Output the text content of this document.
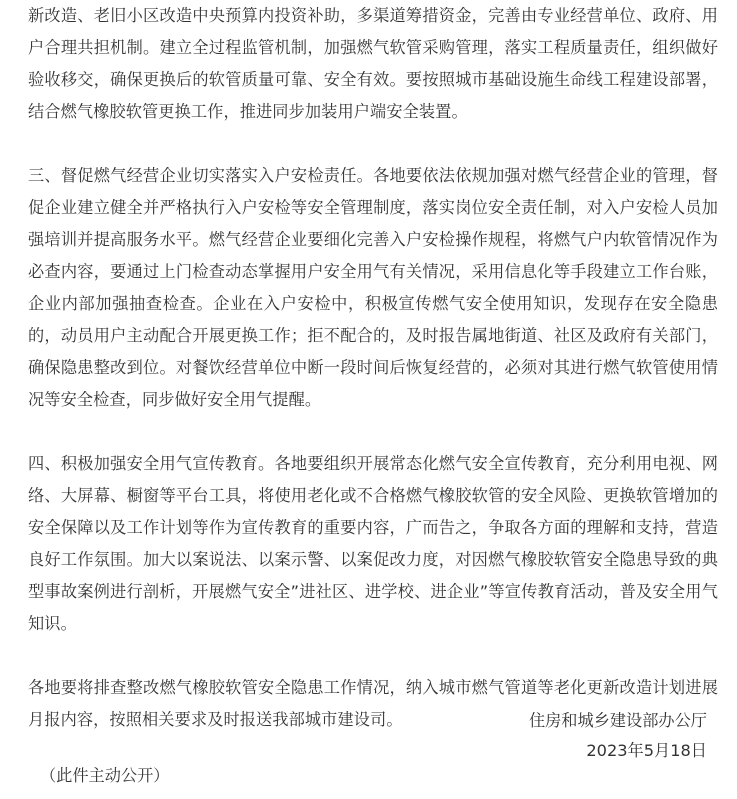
新改造、老旧小区改造中央预算内投资补助，多渠道筹措资金，完善由专业经营单位、政府、用户合理共担机制。建立全过程监管机制，加强燃气软管采购管理，落实工程质量责任，组织做好验收移交，确保更换后的软管质量可靠、安全有效。要按照城市基础设施生命线工程建设部署，结合燃气橡胶软管更换工作，推进同步加装用户端安全装置。

三、督促燃气经营企业切实落实入户安检责任。各地要依法依规加强对燃气经营企业的管理，督促企业建立健全并严格执行入户安检等安全管理制度，落实岗位安全责任制，对入户安检人员加强培训并提高服务水平。燃气经营企业要细化完善入户安检操作规程，将燃气户内软管情况作为必查内容，要通过上门检查动态掌握用户安全用气有关情况，采用信息化等手段建立工作台账，企业内部加强抽查检查。企业在入户安检中，积极宣传燃气安全使用知识，发现存在安全隐患的，动员用户主动配合开展更换工作；拒不配合的，及时报告属地街道、社区及政府有关部门，确保隐患整改到位。对餐饮经营单位中断一段时间后恢复经营的，必须对其进行燃气软管使用情况等安全检查，同步做好安全用气提醒。

四、积极加强安全用气宣传教育。各地要组织开展常态化燃气安全宣传教育，充分利用电视、网络、大屏幕、橱窗等平台工具，将使用老化或不合格燃气橡胶软管的安全风险、更换软管增加的安全保障以及工作计划等作为宣传教育的重要内容，广而告之，争取各方面的理解和支持，营造良好工作氛围。加大以案说法、以案示警、以案促改力度，对因燃气橡胶软管安全隐患导致的典型事故案例进行剖析，开展燃气安全”进社区、进学校、进企业”等宣传教育活动，普及安全用气知识。

各地要将排查整改燃气橡胶软管安全隐患工作情况，纳入城市燃气管道等老化更新改造计划进展月报内容，按照相关要求及时报送我部城市建设司。	住房和城乡建设部办公厅
2023年5月18日
（此件主动公开）
